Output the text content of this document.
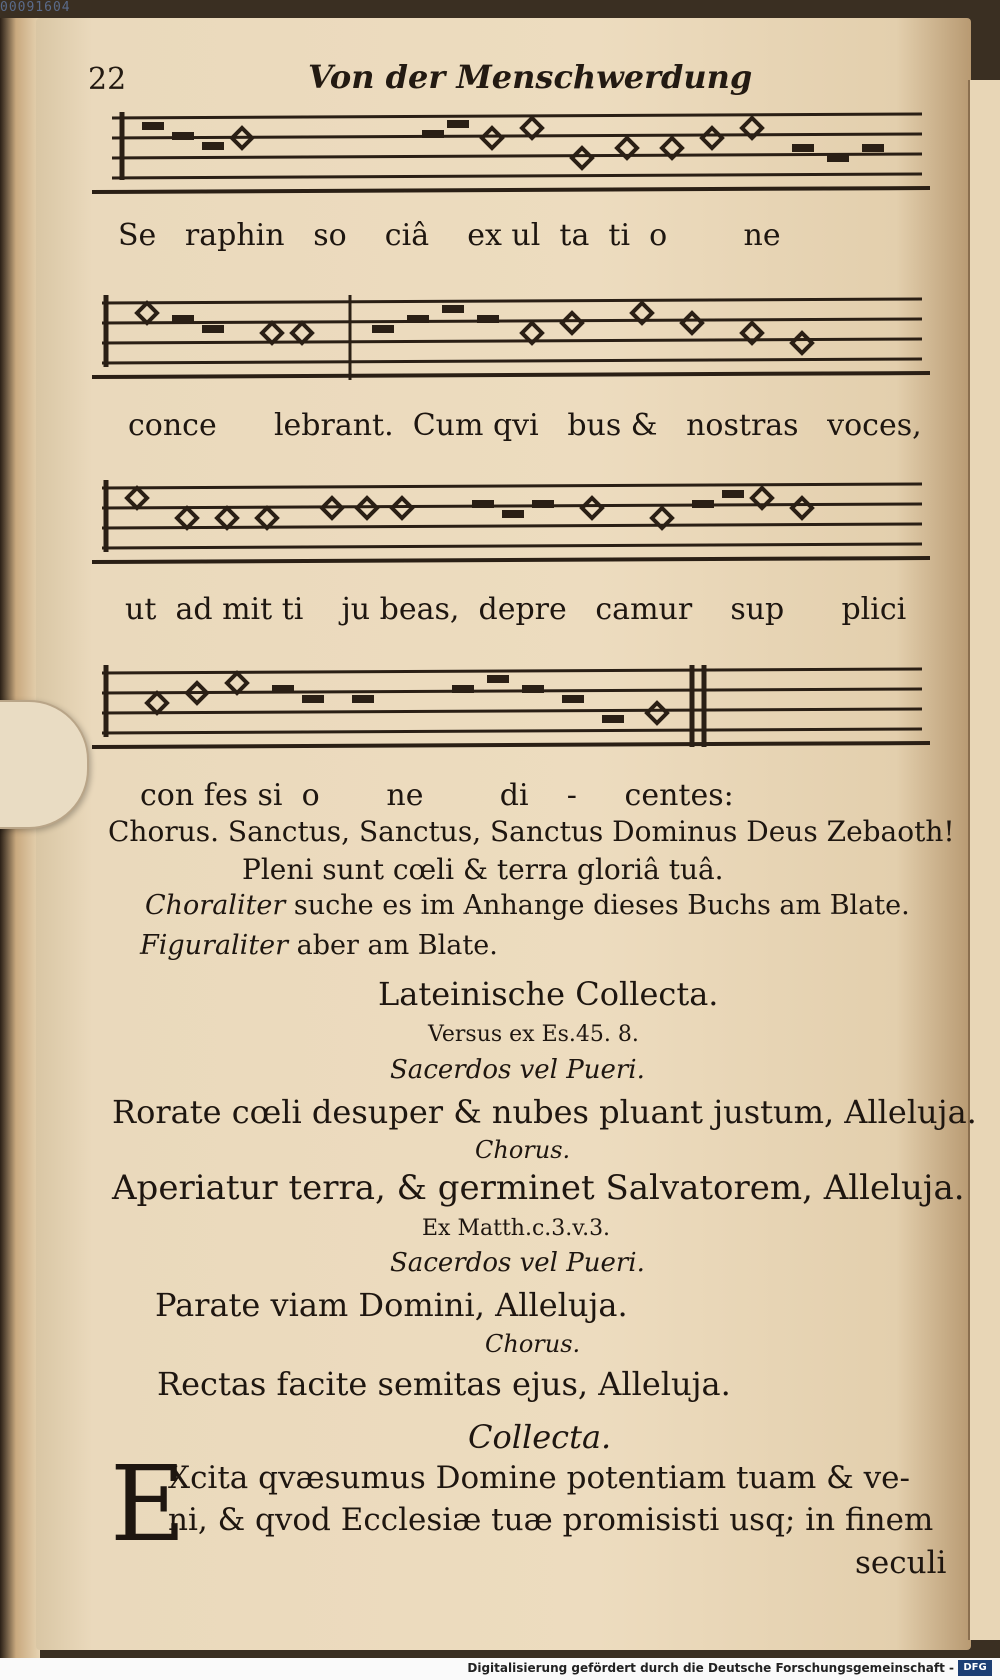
00091604
22	Von der Menschwerdung
Se   raphin   so    ciâ    ex ul  ta  ti  o        ne
conce      lebrant.  Cum qvi   bus &   nostras   voces,
ut  ad mit ti    ju beas,  depre   camur    sup      plici
con fes si  o       ne        di    -     centes:
Chorus. Sanctus, Sanctus, Sanctus Dominus Deus Zebaoth!
Pleni sunt cœli & terra gloriâ tuâ.
Choraliter suche es im Anhange dieses Buchs am Blate.
Figuraliter aber am Blate.
Lateinische Collecta.
Versus ex Es.45. 8.
Sacerdos vel Pueri.
Rorate cœli desuper & nubes pluant justum, Alleluja.
Chorus.
Aperiatur terra, & germinet Salvatorem, Alleluja.
Ex Matth.c.3.v.3.
Sacerdos vel Pueri.
Parate viam Domini, Alleluja.
Chorus.
Rectas facite semitas ejus, Alleluja.
Collecta.
E
Xcita qvæsumus Domine potentiam tuam & ve-
ni, & qvod Ecclesiæ tuæ promisisti usq; in finem
seculi
Digitalisierung gefördert durch die Deutsche Forschungsgemeinschaft - DFG
